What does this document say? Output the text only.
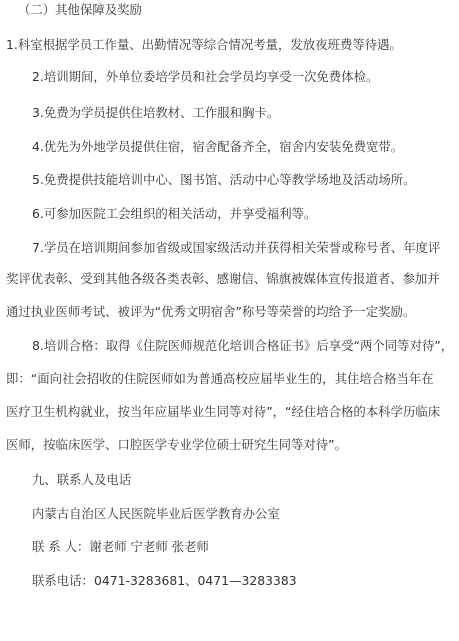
（二）其他保障及奖励
1.科室根据学员工作量、出勤情况等综合情况考量，发放夜班费等待遇。
2.培训期间，外单位委培学员和社会学员均享受一次免费体检。
3.免费为学员提供住培教材、工作服和胸卡。
4.优先为外地学员提供住宿，宿舍配备齐全，宿舍内安装免费宽带。
5.免费提供技能培训中心、图书馆、活动中心等教学场地及活动场所。
6.可参加医院工会组织的相关活动，并享受福利等。
7.学员在培训期间参加省级或国家级活动并获得相关荣誉或称号者、年度评
奖评优表彰、受到其他各级各类表彰、感谢信、锦旗被媒体宣传报道者、参加并
通过执业医师考试、被评为“优秀文明宿舍”称号等荣誉的均给予一定奖励。
8.培训合格：取得《住院医师规范化培训合格证书》后享受“两个同等对待”，
即：“面向社会招收的住院医师如为普通高校应届毕业生的，其住培合格当年在
医疗卫生机构就业，按当年应届毕业生同等对待”，“经住培合格的本科学历临床
医师，按临床医学、口腔医学专业学位硕士研究生同等对待”。
九、联系人及电话
内蒙古自治区人民医院毕业后医学教育办公室
联 系 人：谢老师 宁老师 张老师
联系电话：0471-3283681、0471—3283383
